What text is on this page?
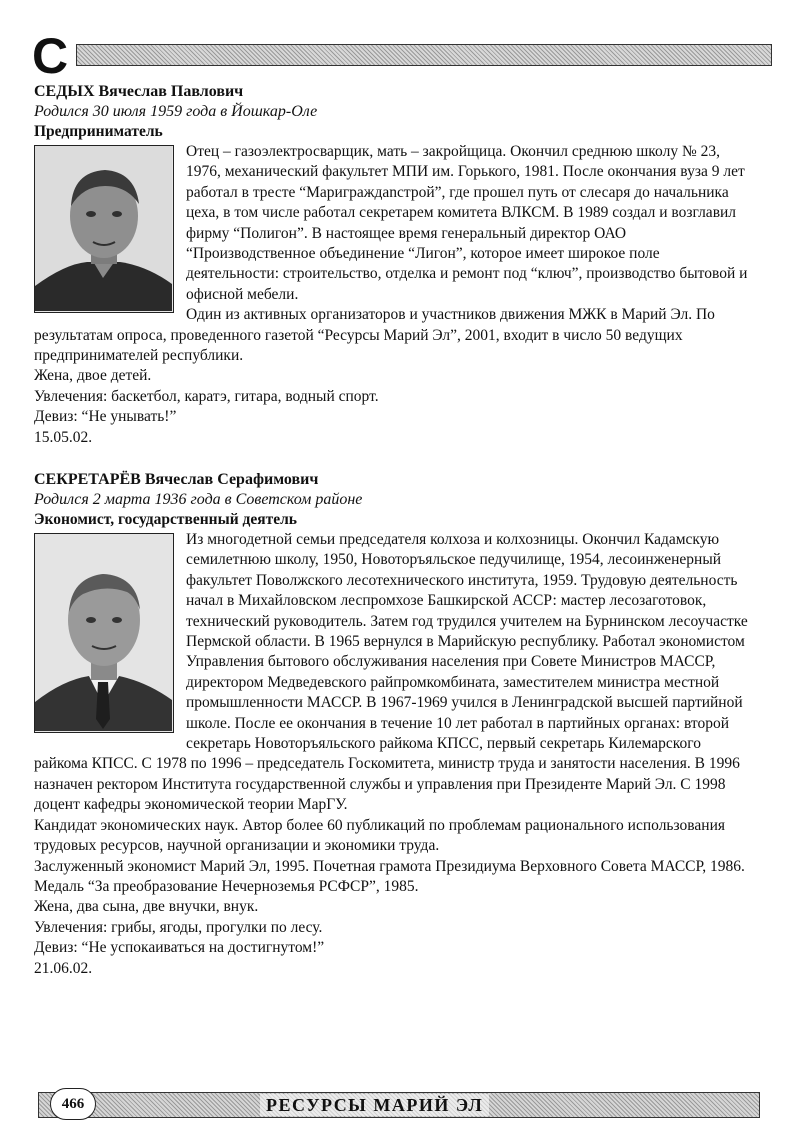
С

СЕДЫХ Вячеслав Павлович

Родился 30 июля 1959 года в Йошкар-Оле

Предприниматель

Отец – газоэлектросварщик, мать – закройщица. Окончил среднюю школу № 23, 1976, механический факультет МПИ им. Горького, 1981. После окончания вуза 9 лет работал в тресте “Мариграждanстрой”, где прошел путь от слесаря до начальника цеха, в том числе работал секретарем комитета ВЛКСМ. В 1989 создал и возглавил фирму “Полигон”. В настоящее время генеральный директор ОАО “Производственное объединение “Лигон”, которое имеет широкое поле деятельности: строительство, отделка и ремонт под “ключ”, производство бытовой и офисной мебели.

Один из активных организаторов и участников движения МЖК в Марий Эл. По результатам опроса, проведенного газетой “Ресурсы Марий Эл”, 2001, входит в число 50 ведущих предпринимателей республики.

Жена, двое детей.

Увлечения: баскетбол, каратэ, гитара, водный спорт.

Девиз: “Не унывать!”

15.05.02.

СЕКРЕТАРЁВ Вячеслав Серафимович

Родился 2 марта 1936 года в Советском районе

Экономист, государственный деятель

Из многодетной семьи председателя колхоза и колхозницы. Окончил Кадамскую семилетнюю школу, 1950, Новоторъяльское педучилище, 1954, лесоинженерный факультет Поволжского лесотехнического института, 1959. Трудовую деятельность начал в Михайловском леспромхозе Башкирской АССР: мастер лесозаготовок, технический руководитель. Затем год трудился учителем на Бурнинском лесоучастке Пермской области. В 1965 вернулся в Марийскую республику. Работал экономистом Управления бытового обслуживания населения при Совете Министров МАССР, директором Медведевского райпромкомбината, заместителем министра местной промышленности МАССР. В 1967-1969 учился в Ленинградской высшей партийной школе. После ее окончания в течение 10 лет работал в партийных органах: второй секретарь Новоторъяльского райкома КПСС, первый секретарь Килемарского райкома КПСС. С 1978 по 1996 – председатель Госкомитета, министр труда и занятости населения. В 1996 назначен ректором Института государственной службы и управления при Президенте Марий Эл. С 1998 доцент кафедры экономической теории МарГУ.

Кандидат экономических наук. Автор более 60 публикаций по проблемам рационального использования трудовых ресурсов, научной организации и экономики труда.

Заслуженный экономист Марий Эл, 1995. Почетная грамота Президиума Верховного Совета МАССР, 1986. Медаль “За преобразование Нечерноземья РСФСР”, 1985.

Жена, два сына, две внучки, внук.

Увлечения: грибы, ягоды, прогулки по лесу.

Девиз: “Не успокаиваться на достигнутом!”

21.06.02.

466	РЕСУРСЫ МАРИЙ ЭЛ
